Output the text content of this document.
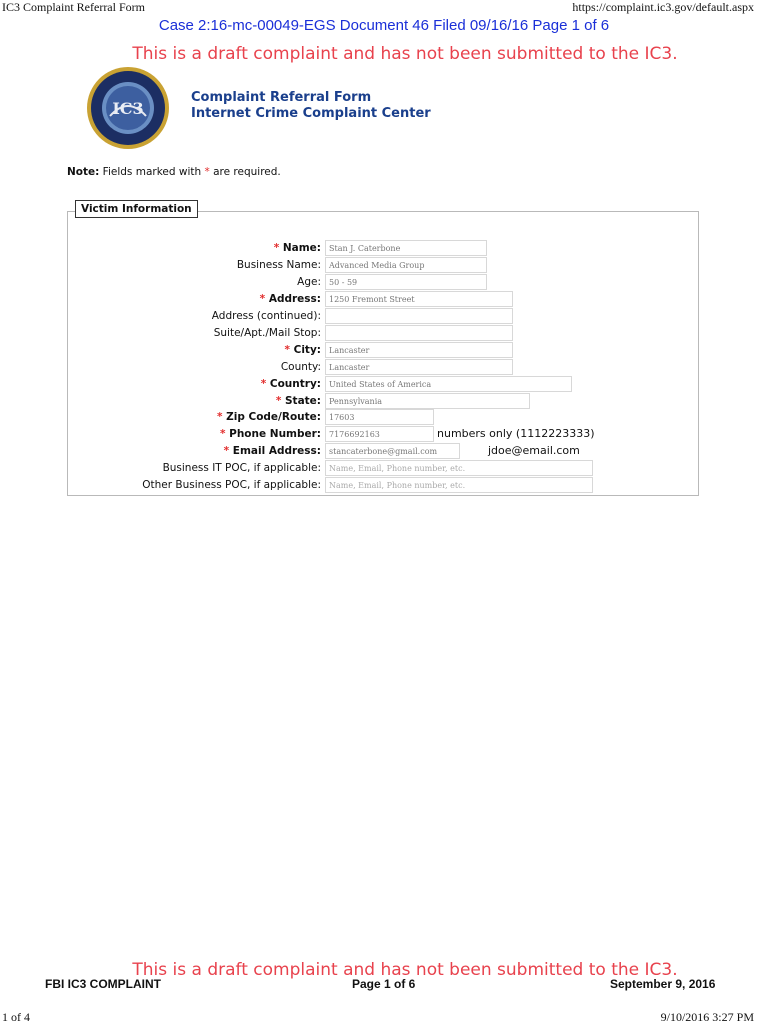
IC3 Complaint Referral Form	https://complaint.ic3.gov/default.aspx
Case 2:16-mc-00049-EGS Document 46 Filed 09/16/16 Page 1 of 6
This is a draft complaint and has not been submitted to the IC3.
IC3
Complaint Referral Form
Internet Crime Complaint Center
Note: Fields marked with * are required.
Victim Information
* Name:	Stan J. Caterbone
Business Name:	Advanced Media Group
Age:	50 - 59
* Address:	1250 Fremont Street
Address (continued):
Suite/Apt./Mail Stop:
* City:	Lancaster
County:	Lancaster
* Country:	United States of America
* State:	Pennsylvania
* Zip Code/Route:	17603
* Phone Number:	7176692163	numbers only (1112223333)
* Email Address:	stancaterbone@gmail.com	jdoe@email.com
Business IT POC, if applicable:	Name, Email, Phone number, etc.
Other Business POC, if applicable:	Name, Email, Phone number, etc.
This is a draft complaint and has not been submitted to the IC3.
FBI IC3 COMPLAINT	Page 1 of 6	September 9, 2016
1 of 4	9/10/2016 3:27 PM
